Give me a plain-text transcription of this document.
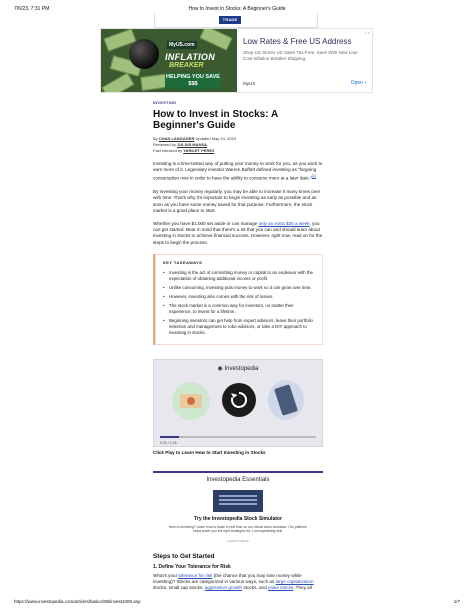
7/6/23, 7:31 PM	How to Invest in Stocks: A Beginner's Guide
TRADE
MyUS.com
INFLATION
BREAKER
HELPING YOU SAVE $$$
Low Rates & Free US Address
Shop US Stores US Sales Tax-Free. Save With New Low-Cost Inflation Breaker Shipping.
MyUS	Open ›
▷✕
INVESTING
How to Invest in Stocks: A Beginner's Guide
By CHAD LANGAGER Updated May 24, 2023
Reviewed by JULIUS MANSA
Fact checked by YARILET PEREZ

Investing is a time-tested way of putting your money to work for you, as you work to earn more of it. Legendary investor Warren Buffett defined investing as "forgoing consumption now in order to have the ability to consume more at a later date."[1]

By investing your money regularly, you may be able to increase it many times over with time. That's why it's important to begin investing as early as possible and as soon as you have some money saved for that purpose. Furthermore, the stock market is a good place to start.

Whether you have $1,000 set aside or can manage only an extra $25 a week, you can get started. Bear in mind that there's a lot that you can and should learn about investing in stocks to achieve financial success. However, right now, read on for the steps to begin the process.

KEY TAKEAWAYS
• Investing is the act of committing money or capital to an endeavor with the expectation of obtaining additional income or profit.
• Unlike consuming, investing puts money to work so it can grow over time.
• However, investing also comes with the risk of losses.
• The stock market is a common way for investors, no matter their experience, to invest for a lifetime.
• Beginning investors can get help from expert advisors, leave their portfolio selection and management to robo-advisors, or take a DIY approach to investing in stocks.
◉ Investopedia
0:00 / 1:36
Click Play to Learn How to Start Investing in Stocks
Investopedia Essentials
Try the Investopedia Stock Simulator
New to investing? Learn how to trade in real time on our virtual stock simulator. Our platform helps teach you the right strategies for 1 moneymaking skill.
LEARN MORE
Steps to Get Started
1. Define Your Tolerance for Risk

What's your tolerance for risk (the chance that you may lose money while investing)? Stocks are categorized in various ways, such as large capitalization stocks, small cap stocks, aggressive growth stocks, and value stocks. They all

https://www.investopedia.com/articles/basics/06/invest1000.asp	1/7
